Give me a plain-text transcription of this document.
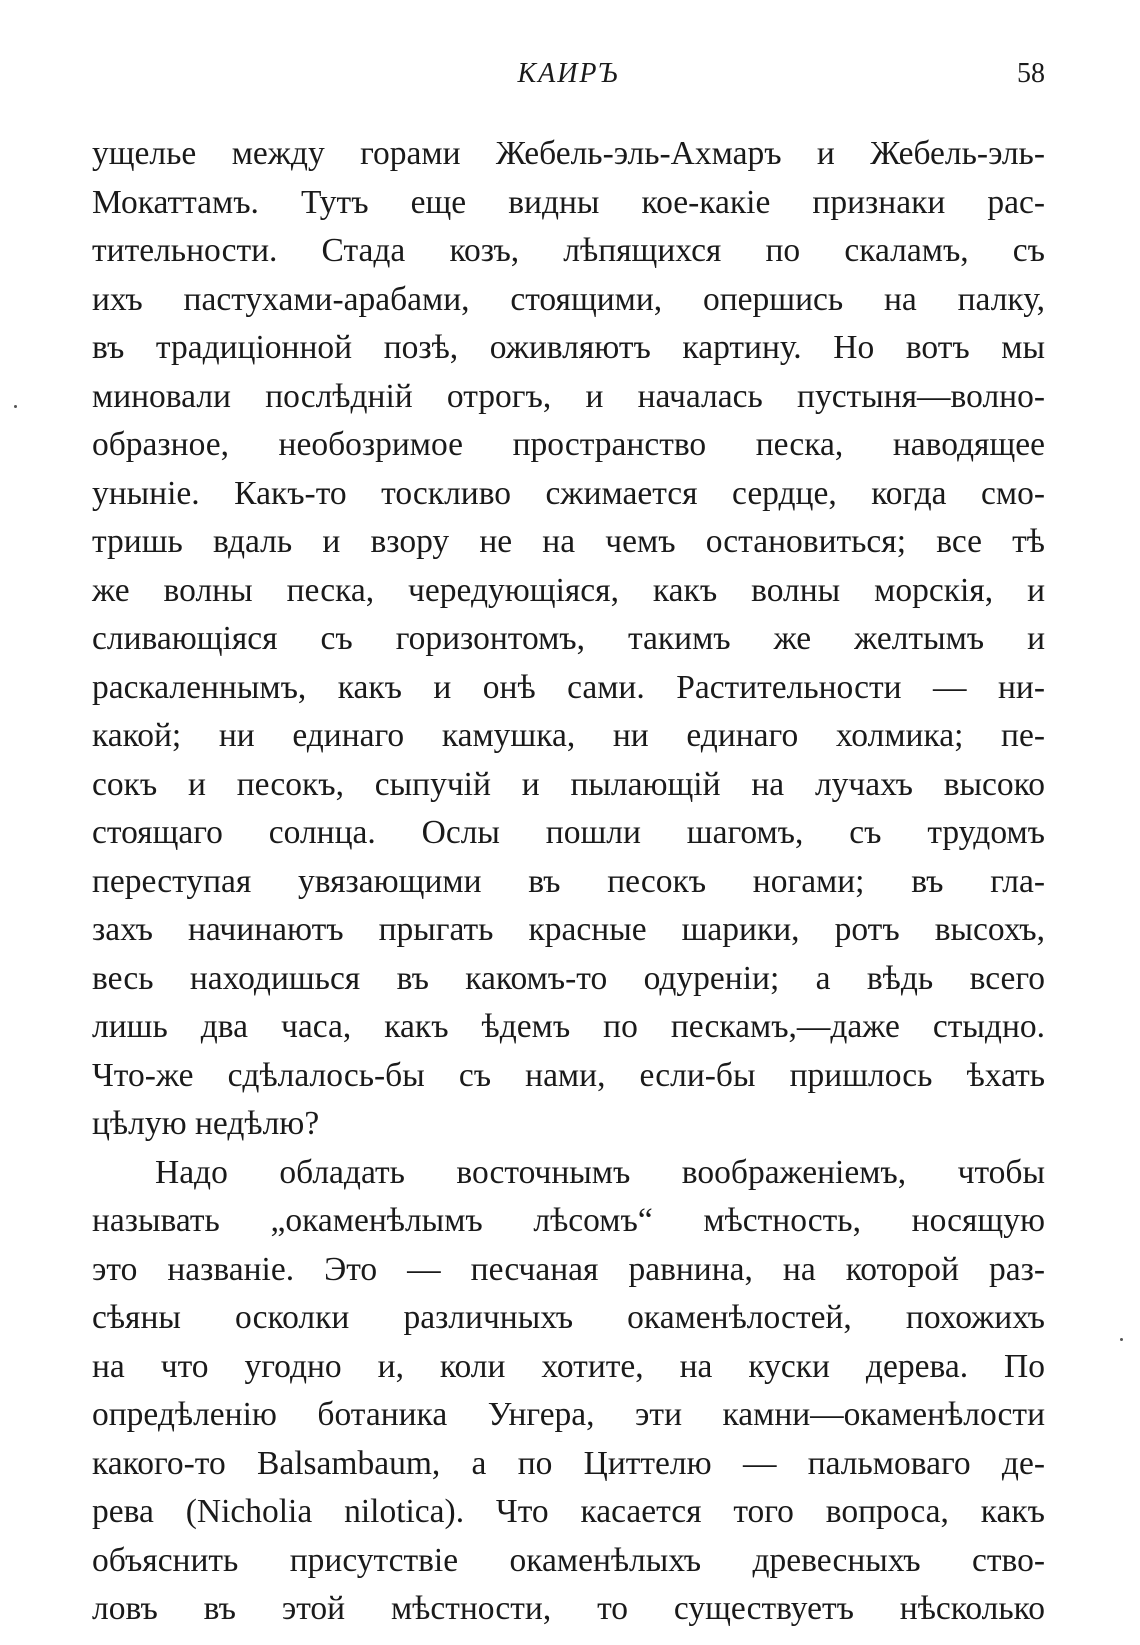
КАИРЪ	58
ущелье между горами Жебель-эль-Ахмаръ и Жебель-эль-
Мокаттамъ. Тутъ еще видны кое-какіе признаки рас-
тительности. Стада козъ, лѣпящихся по скаламъ, съ
ихъ пастухами-арабами, стоящими, опершись на палку,
въ традиціонной позѣ, оживляютъ картину. Но вотъ мы
миновали послѣдній отрогъ, и началась пустыня—волно-
образное, необозримое пространство песка, наводящее
уныніе. Какъ-то тоскливо сжимается сердце, когда смо-
тришь вдаль и взору не на чемъ остановиться; все тѣ
же волны песка, чередующіяся, какъ волны морскія, и
сливающіяся съ горизонтомъ, такимъ же желтымъ и
раскаленнымъ, какъ и онѣ сами. Растительности — ни-
какой; ни единаго камушка, ни единаго холмика; пе-
сокъ и песокъ, сыпучій и пылающій на лучахъ высоко
стоящаго солнца. Ослы пошли шагомъ, съ трудомъ
переступая увязающими въ песокъ ногами; въ гла-
захъ начинаютъ прыгать красные шарики, ротъ высохъ,
весь находишься въ какомъ-то одуреніи; а вѣдь всего
лишь два часа, какъ ѣдемъ по пескамъ,—даже стыдно.
Что-же сдѣлалось-бы съ нами, если-бы пришлось ѣхать
цѣлую недѣлю?
Надо обладать восточнымъ воображеніемъ, чтобы
называть „окаменѣлымъ лѣсомъ“ мѣстность, носящую
это названіе. Это — песчаная равнина, на которой раз-
сѣяны осколки различныхъ окаменѣлостей, похожихъ
на что угодно и, коли хотите, на куски дерева. По
опредѣленію ботаника Унгера, эти камни—окаменѣлости
какого-то Balsambaum, а по Циттелю — пальмоваго де-
рева (Nicholia nilotica). Что касается того вопроса, какъ
объяснить присутствіе окаменѣлыхъ древесныхъ ство-
ловъ въ этой мѣстности, то существуетъ нѣсколько
